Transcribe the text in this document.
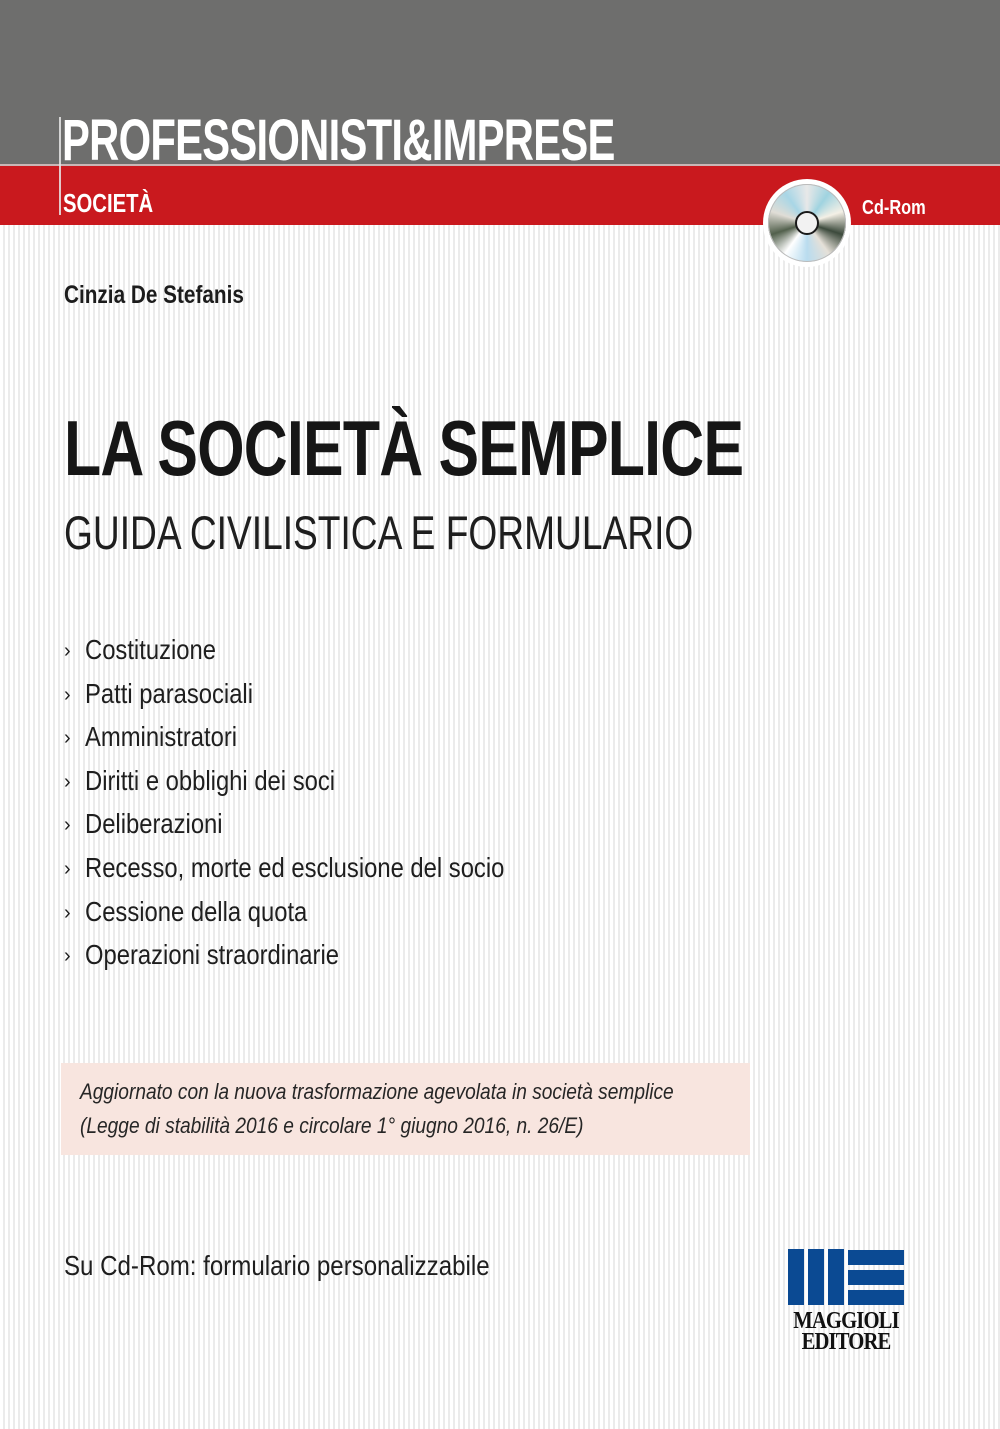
PROFESSIONISTI&IMPRESE
SOCIETÀ	Cd-Rom
Cinzia De Stefanis
LA SOCIETÀ SEMPLICE
GUIDA CIVILISTICA E FORMULARIO
› Costituzione
› Patti parasociali
› Amministratori
› Diritti e obblighi dei soci
› Deliberazioni
› Recesso, morte ed esclusione del socio
› Cessione della quota
› Operazioni straordinarie
Aggiornato con la nuova trasformazione agevolata in società semplice
(Legge di stabilità 2016 e circolare 1° giugno 2016, n. 26/E)
Su Cd-Rom: formulario personalizzabile
MAGGIOLI
EDITORE
